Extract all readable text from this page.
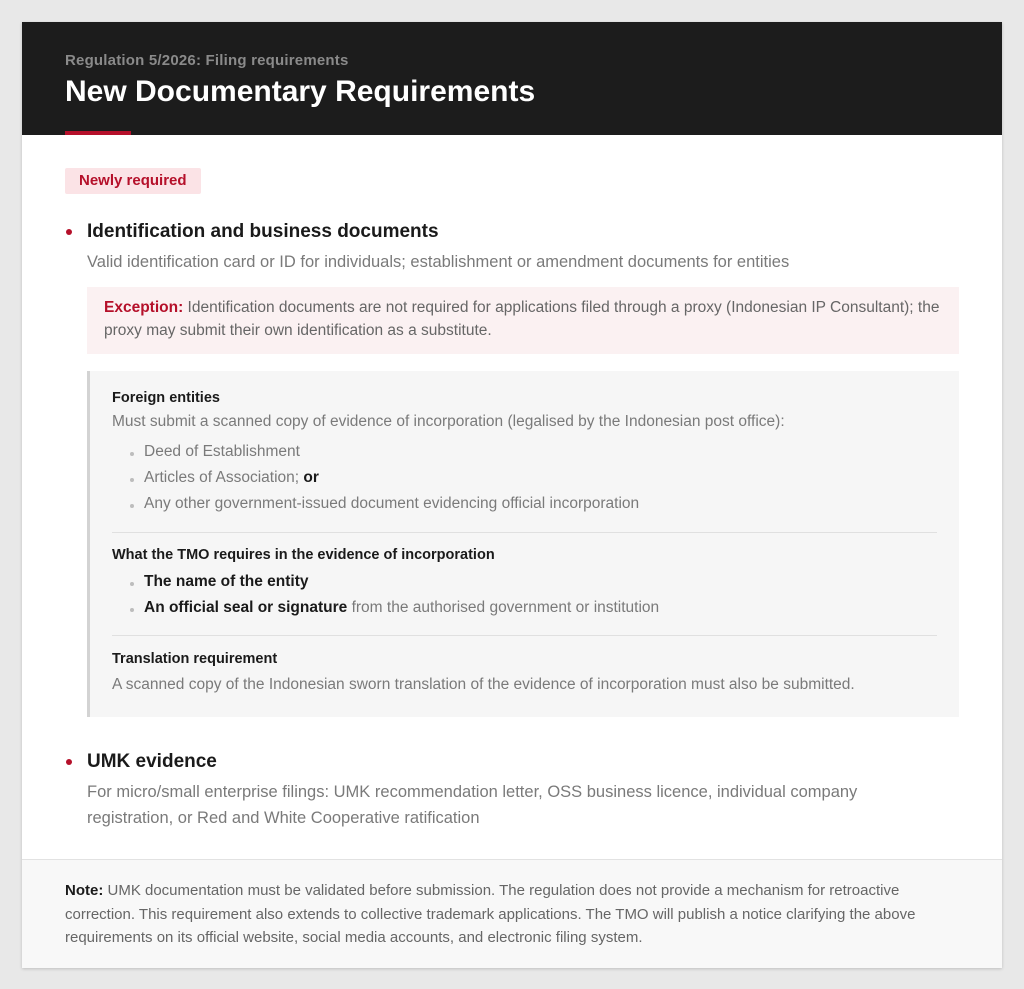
Regulation 5/2026: Filing requirements
New Documentary Requirements
Newly required
Identification and business documents
Valid identification card or ID for individuals; establishment or amendment documents for entities
Exception: Identification documents are not required for applications filed through a proxy (Indonesian IP Consultant); the proxy may submit their own identification as a substitute.
Foreign entities
Must submit a scanned copy of evidence of incorporation (legalised by the Indonesian post office):
Deed of Establishment
Articles of Association; or
Any other government-issued document evidencing official incorporation
What the TMO requires in the evidence of incorporation
The name of the entity
An official seal or signature from the authorised government or institution
Translation requirement
A scanned copy of the Indonesian sworn translation of the evidence of incorporation must also be submitted.
UMK evidence
For micro/small enterprise filings: UMK recommendation letter, OSS business licence, individual company registration, or Red and White Cooperative ratification
Note: UMK documentation must be validated before submission. The regulation does not provide a mechanism for retroactive correction. This requirement also extends to collective trademark applications. The TMO will publish a notice clarifying the above requirements on its official website, social media accounts, and electronic filing system.
